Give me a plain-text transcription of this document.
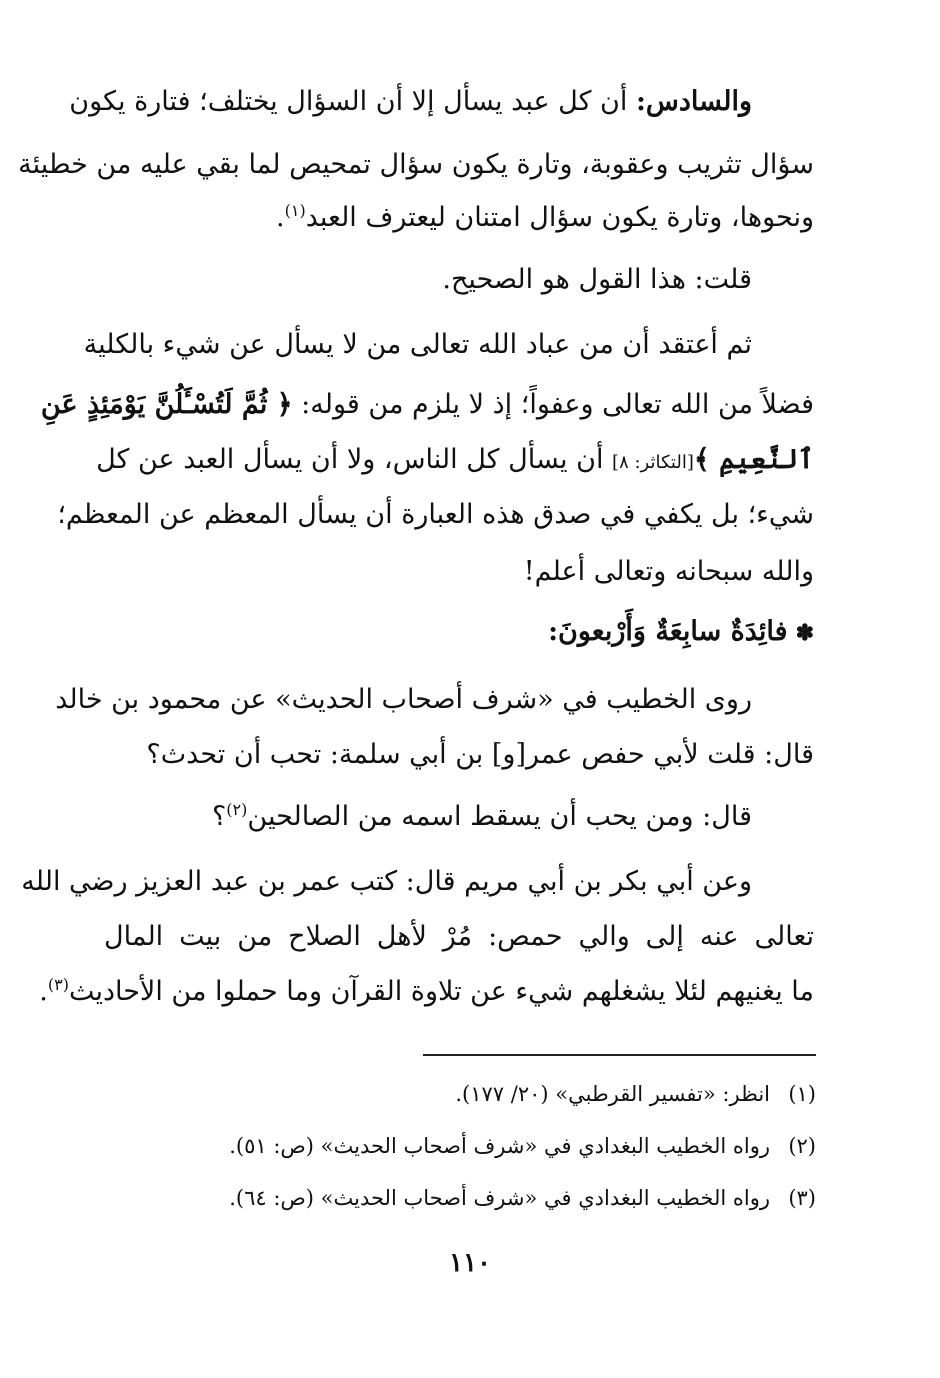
والسادس: أن كل عبد يسأل إلا أن السؤال يختلف؛ فتارة يكون
سؤال تثريب وعقوبة، وتارة يكون سؤال تمحيص لما بقي عليه من خطيئة
ونحوها، وتارة يكون سؤال امتنان ليعترف العبد$^{(١)}$.
قلت: هذا القول هو الصحيح.
ثم أعتقد أن من عباد الله تعالى من لا يسأل عن شيء بالكلية
فضلاً من الله تعالى وعفواً؛ إذ لا يلزم من قوله: ﴿ ثُمَّ لَتُسْـَٔلُنَّ يَوْمَئِذٍ عَنِ
ٱلنَّعِيمِ ﴾[التكاثر: ٨] أن يسأل كل الناس، ولا أن يسأل العبد عن كل
شيء؛ بل يكفي في صدق هذه العبارة أن يسأل المعظم عن المعظم؛
والله سبحانه وتعالى أعلم!
✽فائِدَةٌ سابِعَةٌ وَأَرْبعونَ:
روى الخطيب في «شرف أصحاب الحديث» عن محمود بن خالد
قال: قلت لأبي حفص عمر[و] بن أبي سلمة: تحب أن تحدث؟
قال: ومن يحب أن يسقط اسمه من الصالحين$^{(٢)}$؟
وعن أبي بكر بن أبي مريم قال: كتب عمر بن عبد العزيز رضي الله
تعالى عنه إلى والي حمص: مُرْ لأهل الصلاح من بيت المال
ما يغنيهم لئلا يشغلهم شيء عن تلاوة القرآن وما حملوا من الأحاديث$^{(٣)}$.
(١)انظر: «تفسير القرطبي» (٢٠/ ١٧٧).
(٢)رواه الخطيب البغدادي في «شرف أصحاب الحديث» (ص: ٥١).
(٣)رواه الخطيب البغدادي في «شرف أصحاب الحديث» (ص: ٦٤).
١١٠
